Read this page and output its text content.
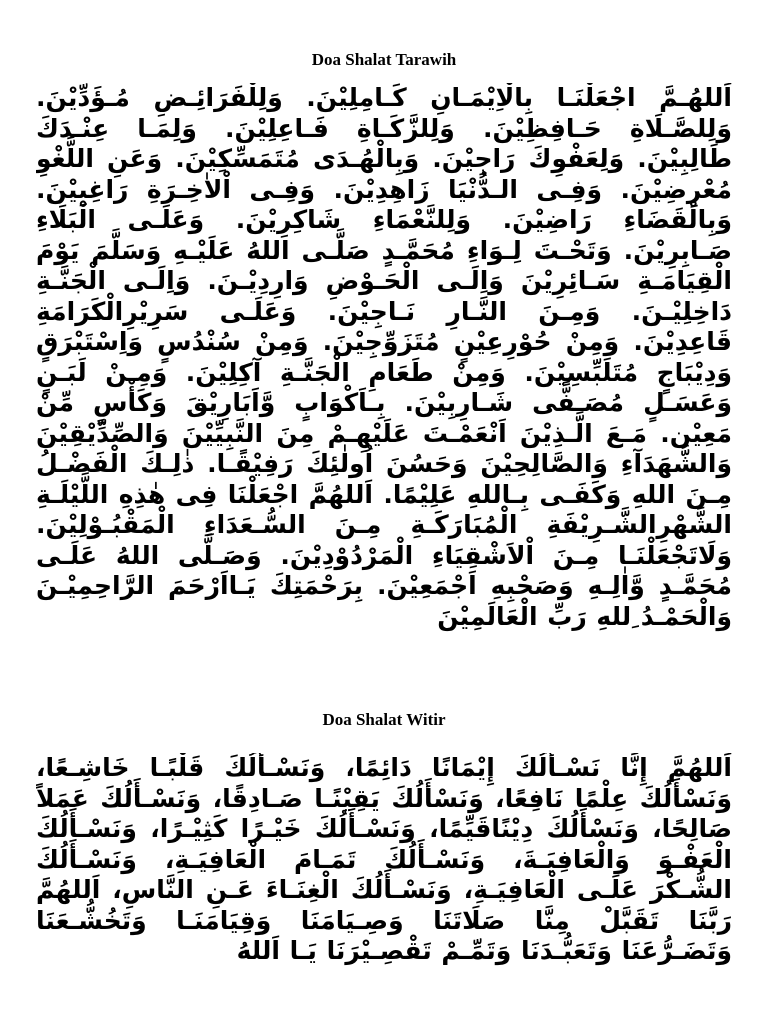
Doa Shalat Tarawih
اَللهُـمَّ اجْعَلْنَـا بِالْاِيْمَـانِ كَـامِلِيْنَ. وَلِلْفَرَائِـضِ مُـؤَدِّيْنَ. وَلِلصَّـلَاةِ حَـافِظِيْنَ. وَلِلزَّكَـاةِ فَـاعِلِيْنَ. وَلِمَـا عِنْـدَكَ طَالِبِيْنَ. وَلِعَفْوِكَ رَاجِيْنَ. وَبِالْهُـدَى مُتَمَسِّكِيْنَ. وَعَنِ اللَّغْوِ مُعْرِضِيْنَ. وَفِـى الـدُّنْيَا زَاهِدِيْنَ. وَفِـى اْلاٰخِـرَةِ رَاغِبِيْنَ. وَبِالْقَضَاءِ رَاضِيْنَ. وَلِلنَّعْمَاءِ شَاكِرِيْنَ. وَعَلَـى الْبَلَاءِ صَـابِرِيْنَ. وَتَحْـتَ لِـوَاءِ مُحَمَّـدٍ صَلَّـى اللهُ عَلَيْـهِ وَسَلَّمَ يَوْمَ الْقِيَامَـةِ سَـائِرِيْنَ وَاِلَـى الْحَـوْضِ وَارِدِيْـنَ. وَاِلَـى الْجَنَّـةِ دَاخِلِيْـنَ. وَمِـنَ النَّـارِ نَـاجِيْنَ. وَعَلَـى سَرِيْرِالْكَرَامَةِ قَاعِدِيْنَ. وَمِنْ حُوْرِعِيْنٍ مُتَزَوِّجِيْنَ. وَمِنْ سُنْدُسٍ وَاِسْتَبْرَقٍ وَدِيْبَاجٍ مُتَلَبِّسِيْنَ. وَمِنْ طَعَامِ الْجَنَّـةِ آكِلِيْنَ. وَمِـنْ لَبَـنٍ وَعَسَـلٍ مُصَـفًّى شَـارِبِيْنَ. بِـاَكْوَابٍ وَّاَبَارِيْقَ وَكَأْسٍ مِّنْ مَعِيْن. مَـعَ الَّـذِيْنَ اَنْعَمْـتَ عَلَيْهِـمْ مِنَ النَّبِيِّيْنَ وَالصِّدِّيْقِيْنَ وَالشُّهَدَآءِ وَالصَّالِحِيْنَ وَحَسُنَ اُولٰئِكَ رَفِيْقًـا. ذٰلِـكَ الْفَضْـلُ مِـنَ اللهِ وَكَفَـى بِـاللهِ عَلِيْمًا. اَللهُمَّ اجْعَلْنَا فِى هٰذِهِ اللَّيْلَـةِ الشَّهْرِالشَّـرِيْفَةِ الْمُبَارَكَـةِ مِـنَ السُّـعَدَاءِ الْمَقْبُـوْلِيْنَ. وَلَاتَجْعَلْنَـا مِـنَ اْلاَشْقِيَاءِ الْمَرْدُوْدِيْنَ. وَصَـلَّى اللهُ عَلَـى مُحَمَّـدٍ وَّاٰلِـهِ وَصَحْبِهِ اَجْمَعِيْنَ. بِرَحْمَتِكَ يَـااَرْحَمَ الرَّاحِمِيْـنَ وَالْحَمْـدُ ِللهِ رَبِّ الْعَالَمِيْنَ
Doa Shalat Witir
اَللهُمَّ إِنَّا نَسْـأَلُكَ إِيْمَانًا دَائِمًا، وَنَسْـأَلُكَ قَلْبًـا خَاشِـعًا، وَنَسْأَلُكَ عِلْمًا نَافِعًا، وَنَسْأَلُكَ يَقِيْنًـا صَـادِقًا، وَنَسْـأَلُكَ عَمَلاً صَالِحًا، وَنَسْأَلُكَ دِيْنًاقَيِّمًا، وَنَسْـأَلُكَ خَيْـرًا كَثِيْـرًا، وَنَسْـأَلُكَ الْعَفْـوَ وَالْعَافِيَـةَ، وَنَسْـأَلُكَ تَمَـامَ الْعَافِيَـةِ، وَنَسْـأَلُكَ الشُّـكْرَ عَلَـى الْعَافِيَـةِ، وَنَسْـأَلُكَ الْغِنَـاءَ عَـنِ النَّاسِ، اَللهُمَّ رَبَّنَا تَقَبَّلْ مِنَّا صَلَاتَنَا وَصِـيَامَنَا وَقِيَامَنَـا وَتَخُشُّـعَنَا وَتَضَـرُّعَنَا وَتَعَبُّـدَنَا وَتَمِّـمْ تَقْصِـيْرَنَا يَـا اَللهُ
